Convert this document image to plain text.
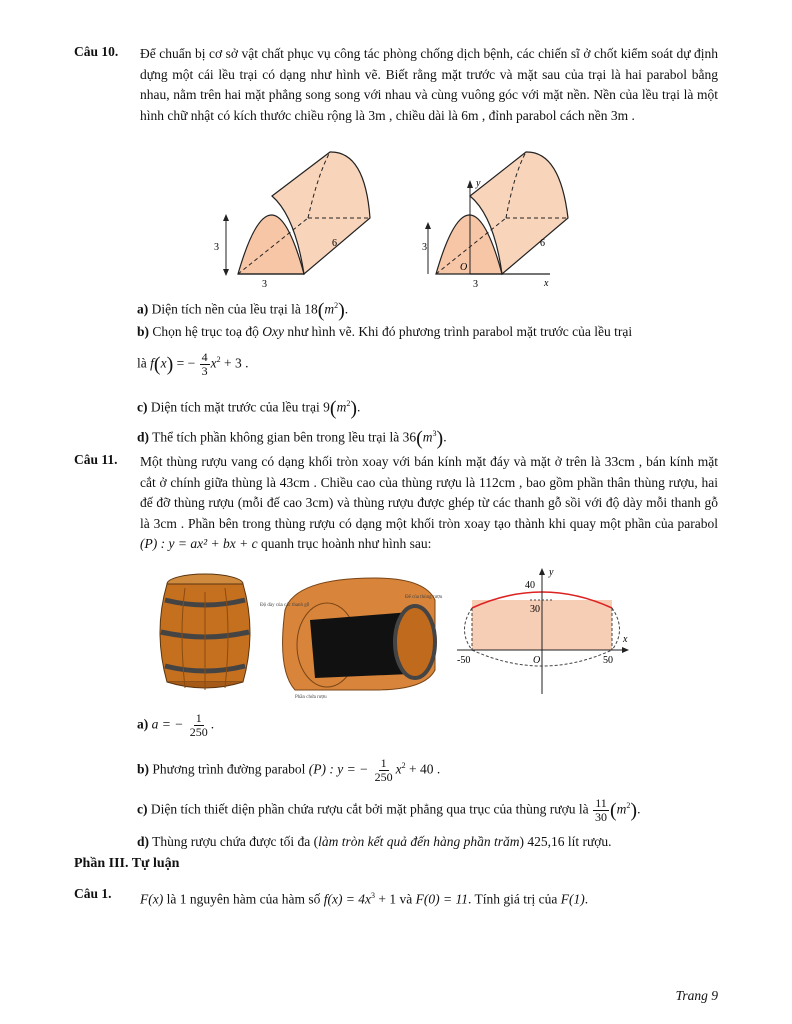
Câu 10. Để chuẩn bị cơ sở vật chất phục vụ công tác phòng chống dịch bệnh, các chiến sĩ ở chốt kiểm soát dự định dựng một cái lều trại có dạng như hình vẽ. Biết rằng mặt trước và mặt sau của trại là hai parabol bằng nhau, nằm trên hai mặt phẳng song song với nhau và cùng vuông góc với mặt nền. Nền của lều trại là một hình chữ nhật có kích thước chiều rộng là 3m , chiều dài là 6m , đỉnh parabol cách nền 3m .
3
3
6	3
3
6
O
y
x
a) Diện tích nền của lều trại là $18(m^2)$.
b) Chọn hệ trục toạ độ Oxy như hình vẽ. Khi đó phương trình parabol mặt trước của lều trại
là f(x) = − $\frac{4}{3} x^2 + 3$ .
c) Diện tích mặt trước của lều trại $9(m^2)$.
d) Thể tích phần không gian bên trong lều trại là $36(m^3)$.
Câu 11. Một thùng rượu vang có dạng khối tròn xoay với bán kính mặt đáy và mặt ở trên là 33cm , bán kính mặt cắt ở chính giữa thùng là 43cm . Chiều cao của thùng rượu là 112cm , bao gồm phần thân thùng rượu, hai đế đỡ thùng rượu (mỗi đế cao 3cm) và thùng rượu được ghép từ các thanh gỗ sồi với độ dày mỗi thanh gỗ là 3cm . Phần bên trong thùng rượu có dạng một khối tròn xoay tạo thành khi quay một phần của parabol (P) : y = ax² + bx + c quanh trục hoành như hình sau:
Độ dày của các thanh gỗ
Đế của thùng rượu
Phần chứa rượu
y
x
40
30
-50	50
O
a) a = − $\frac{1}{250}$ .
b) Phương trình đường parabol (P) : y = − $\frac{1}{250} x^2 + 40$ .
c) Diện tích thiết diện phần chứa rượu cắt bởi mặt phẳng qua trục của thùng rượu là $\frac{11}{30} (m^2)$.
d) Thùng rượu chứa được tối đa (làm tròn kết quả đến hàng phần trăm) 425,16 lít rượu.
Phần III. Tự luận
Câu 1. F(x) là 1 nguyên hàm của hàm số $f(x) = 4x^3 + 1$ và F(0) = 11. Tính giá trị của F(1).
Trang 9
